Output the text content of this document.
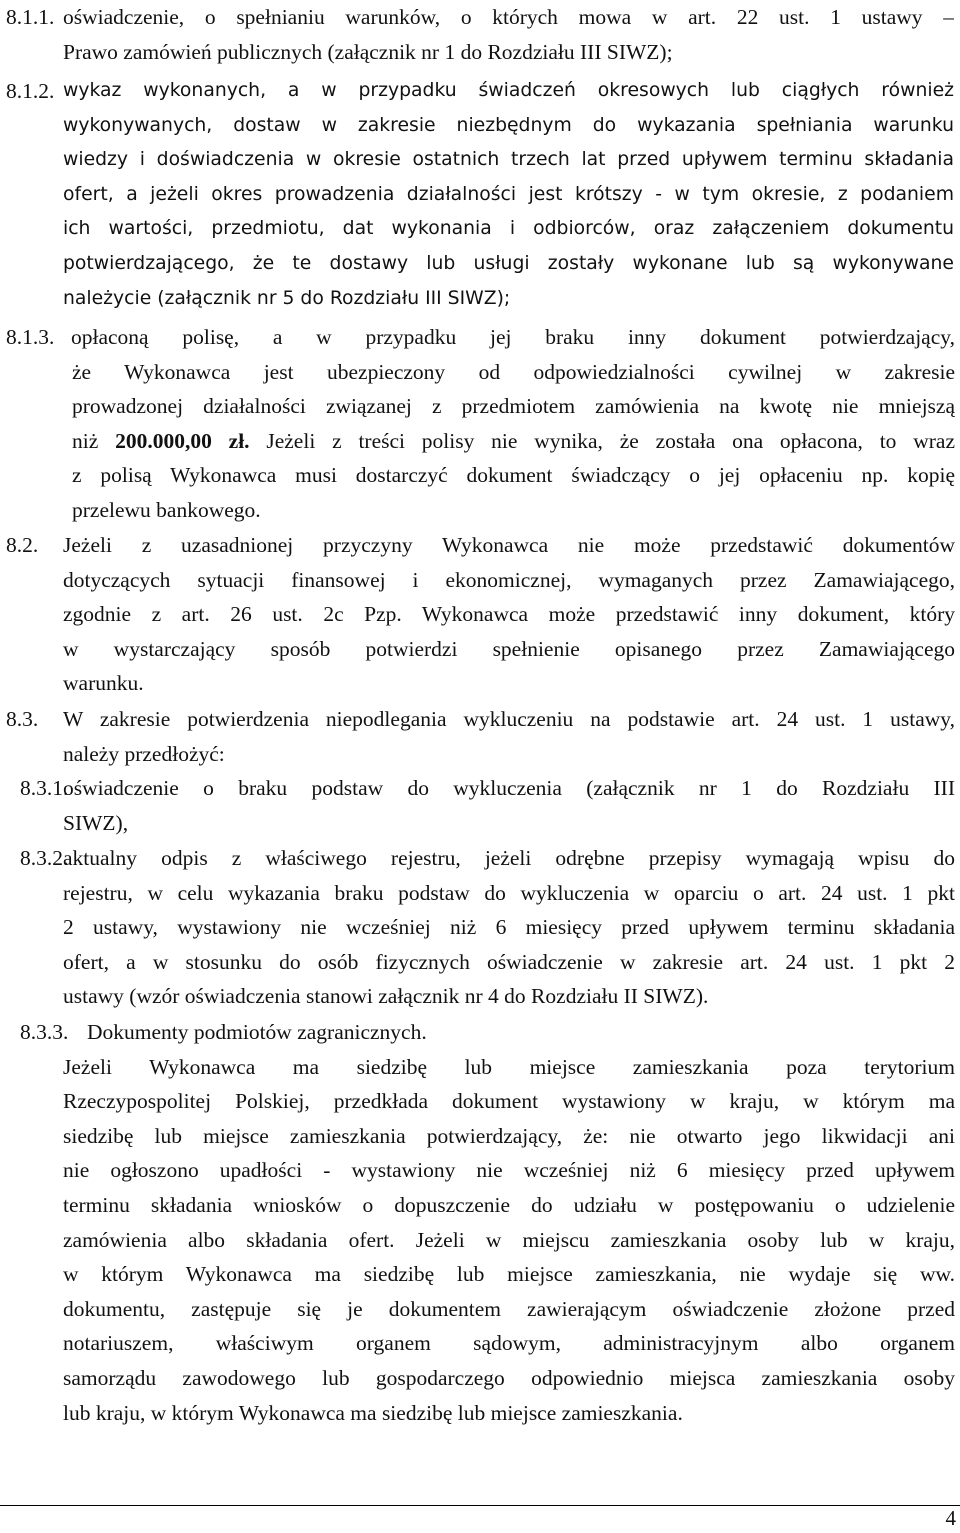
8.1.1. oświadczenie, o spełnianiu warunków, o których mowa w art. 22 ust. 1 ustawy –
Prawo zamówień publicznych (załącznik nr 1 do Rozdziału III SIWZ);
8.1.2. wykaz wykonanych, a w przypadku świadczeń okresowych lub ciągłych również
wykonywanych, dostaw w zakresie niezbędnym do wykazania spełniania warunku
wiedzy i doświadczenia w okresie ostatnich trzech lat przed upływem terminu składania
ofert, a jeżeli okres prowadzenia działalności jest krótszy - w tym okresie, z podaniem
ich wartości, przedmiotu, dat wykonania i odbiorców, oraz załączeniem dokumentu
potwierdzającego, że te dostawy lub usługi zostały wykonane lub są wykonywane
należycie (załącznik nr 5 do Rozdziału III SIWZ);
8.1.3. opłaconą polisę, a w przypadku jej braku inny dokument potwierdzający,
że Wykonawca jest ubezpieczony od odpowiedzialności cywilnej w zakresie
prowadzonej działalności związanej z przedmiotem zamówienia na kwotę nie mniejszą
niż 200.000,00 zł. Jeżeli z treści polisy nie wynika, że została ona opłacona, to wraz
z polisą Wykonawca musi dostarczyć dokument świadczący o jej opłaceniu np. kopię
przelewu bankowego.
8.2. Jeżeli z uzasadnionej przyczyny Wykonawca nie może przedstawić dokumentów
dotyczących sytuacji finansowej i ekonomicznej, wymaganych przez Zamawiającego,
zgodnie z art. 26 ust. 2c Pzp. Wykonawca może przedstawić inny dokument, który
w wystarczający sposób potwierdzi spełnienie opisanego przez Zamawiającego
warunku.
8.3. W zakresie potwierdzenia niepodlegania wykluczeniu na podstawie art. 24 ust. 1 ustawy,
należy przedłożyć:
8.3.1.
oświadczenie o braku podstaw do wykluczenia (załącznik nr 1 do Rozdziału III
SIWZ),
8.3.2.
aktualny odpis z właściwego rejestru, jeżeli odrębne przepisy wymagają wpisu do
rejestru, w celu wykazania braku podstaw do wykluczenia w oparciu o art. 24 ust. 1 pkt
2 ustawy, wystawiony nie wcześniej niż 6 miesięcy przed upływem terminu składania
ofert, a w stosunku do osób fizycznych oświadczenie w zakresie art. 24 ust. 1 pkt 2
ustawy (wzór oświadczenia stanowi załącznik nr 4 do Rozdziału II SIWZ).
8.3.3. Dokumenty podmiotów zagranicznych.
Jeżeli Wykonawca ma siedzibę lub miejsce zamieszkania poza terytorium
Rzeczypospolitej Polskiej, przedkłada dokument wystawiony w kraju, w którym ma
siedzibę lub miejsce zamieszkania potwierdzający, że: nie otwarto jego likwidacji ani
nie ogłoszono upadłości - wystawiony nie wcześniej niż 6 miesięcy przed upływem
terminu składania wniosków o dopuszczenie do udziału w postępowaniu o udzielenie
zamówienia albo składania ofert. Jeżeli w miejscu zamieszkania osoby lub w kraju,
w którym Wykonawca ma siedzibę lub miejsce zamieszkania, nie wydaje się ww.
dokumentu, zastępuje się je dokumentem zawierającym oświadczenie złożone przed
notariuszem, właściwym organem sądowym, administracyjnym albo organem
samorządu zawodowego lub gospodarczego odpowiednio miejsca zamieszkania osoby
lub kraju, w którym Wykonawca ma siedzibę lub miejsce zamieszkania.
4
